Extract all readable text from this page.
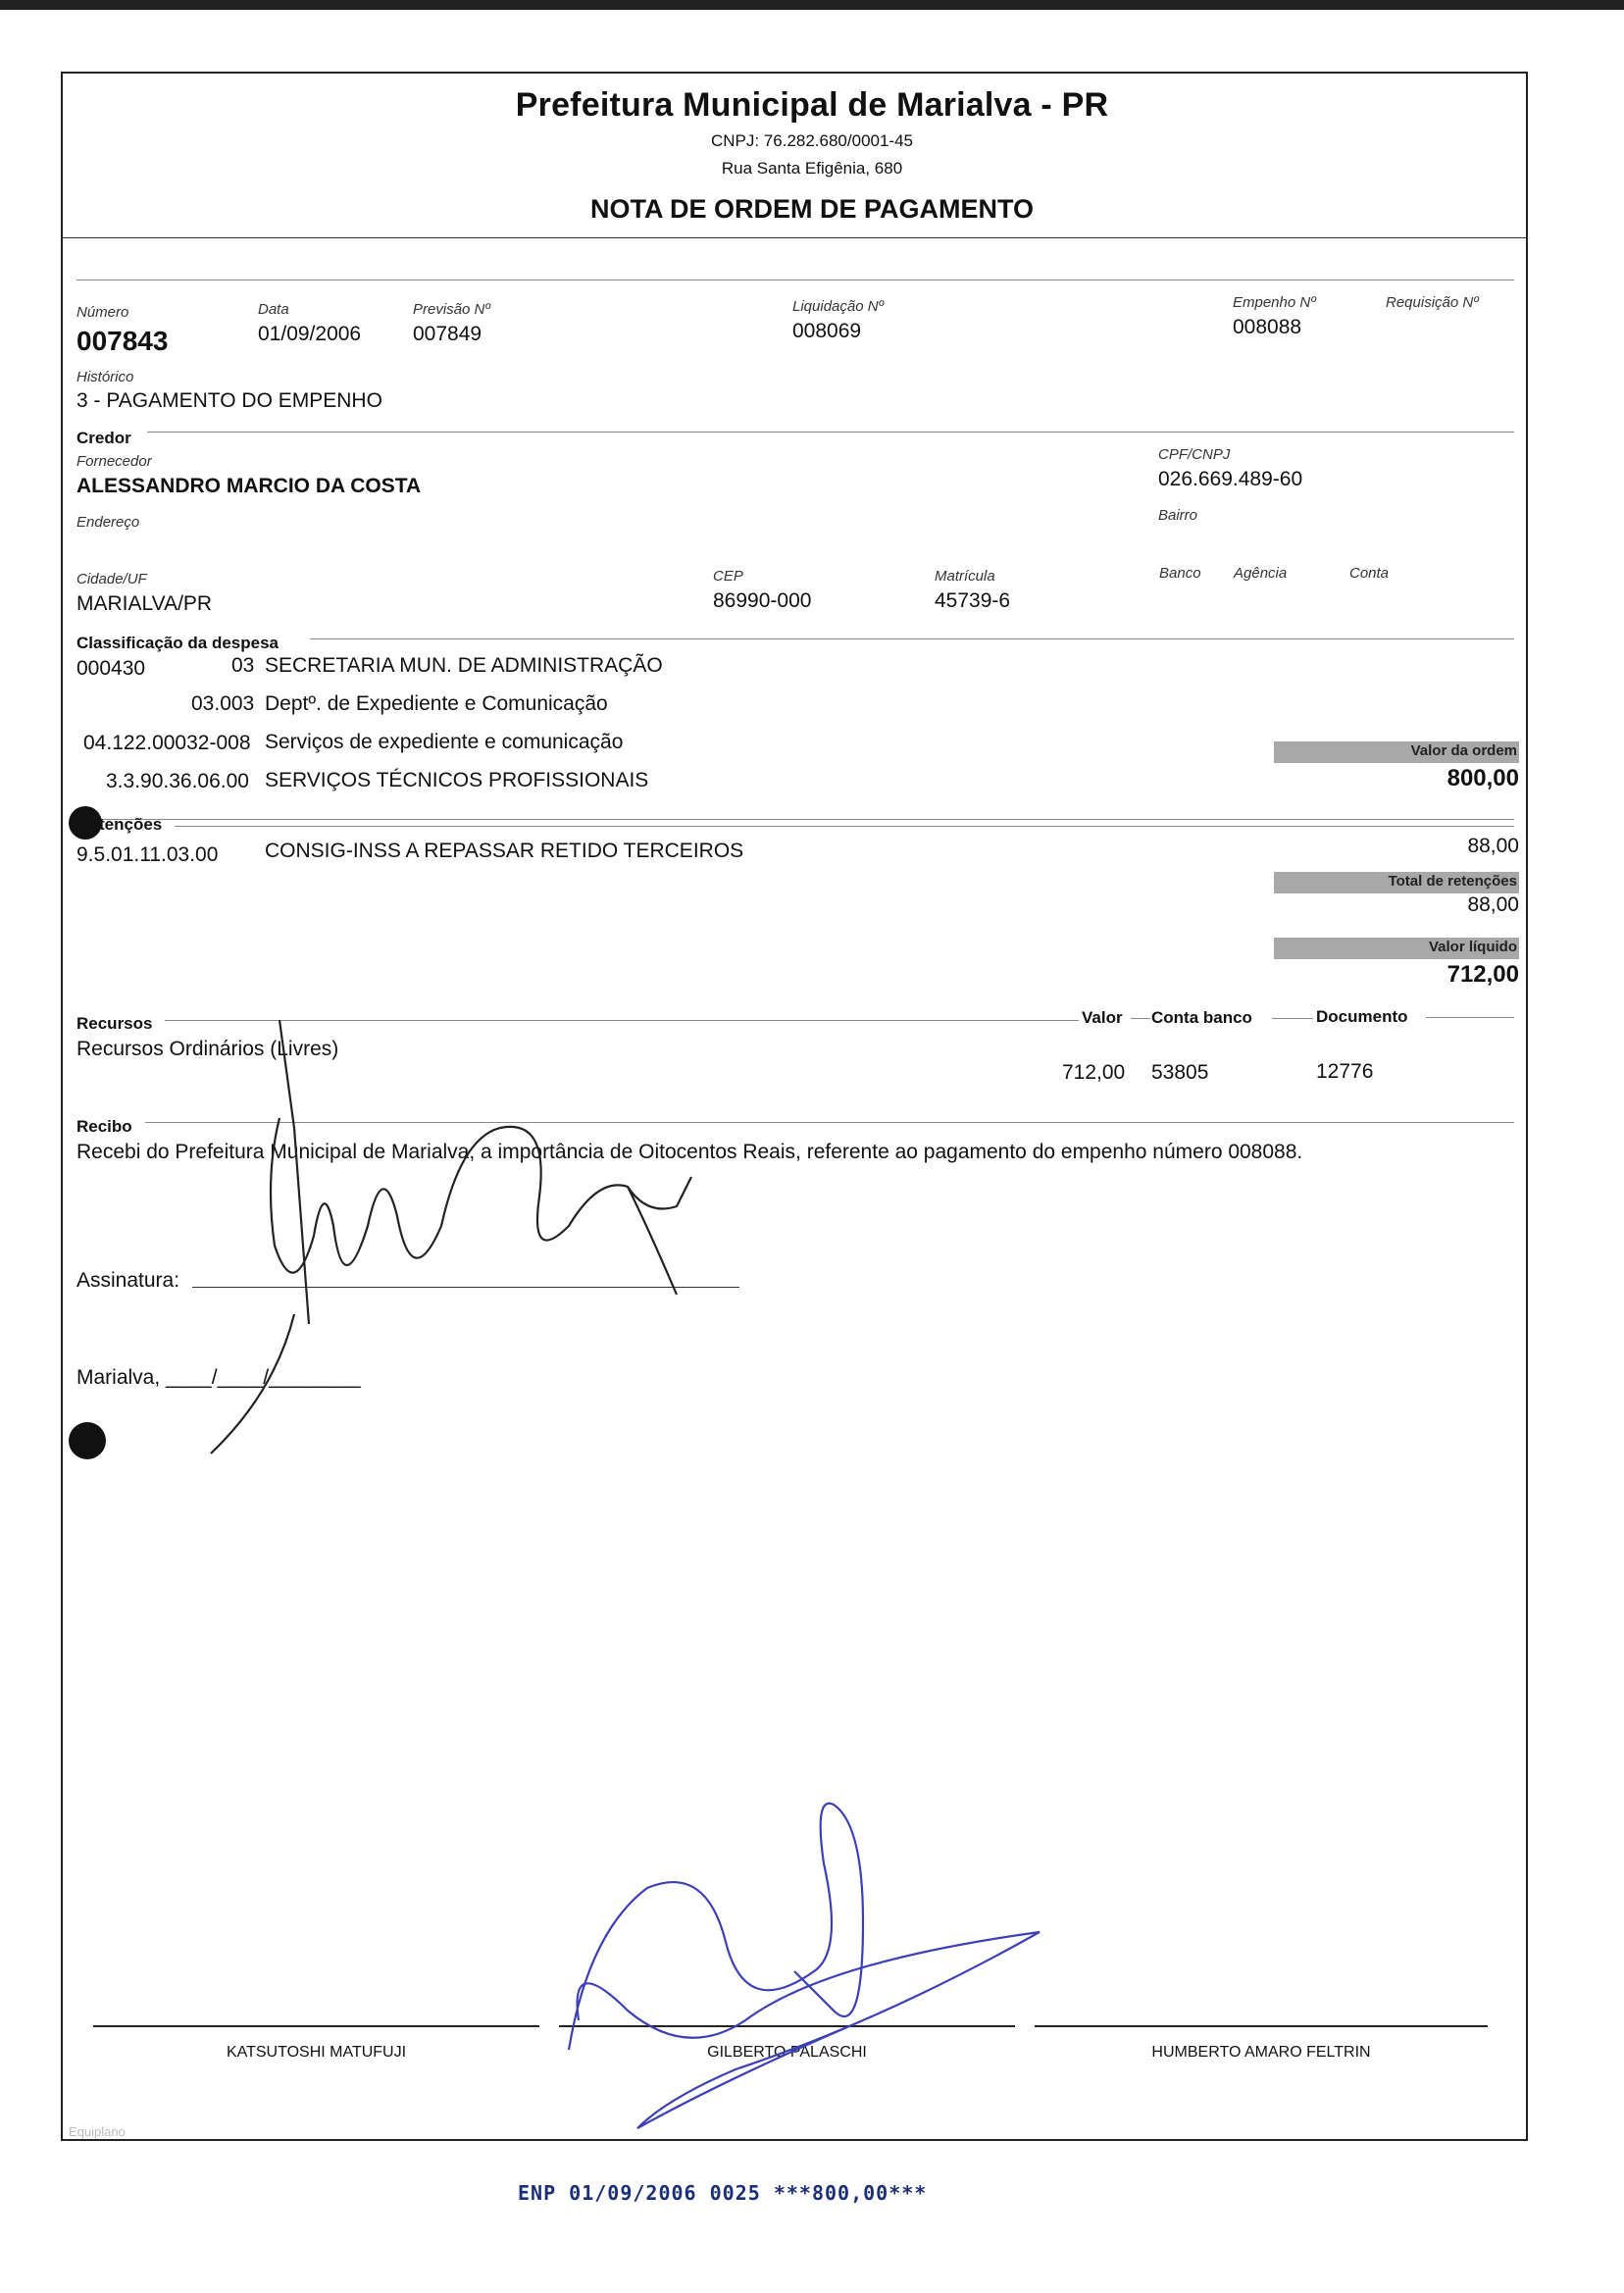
Prefeitura Municipal de Marialva - PR
CNPJ: 76.282.680/0001-45
Rua Santa Efigênia, 680
NOTA DE ORDEM DE PAGAMENTO
Número
007843
Data
01/09/2006
Previsão Nº
007849
Liquidação Nº
008069
Empenho Nº
008088
Requisição Nº
Histórico
3 - PAGAMENTO DO EMPENHO
Credor
Fornecedor
ALESSANDRO MARCIO DA COSTA
CPF/CNPJ
026.669.489-60
Endereço	Bairro
Cidade/UF
MARIALVA/PR
CEP
86990-000
Matrícula
45739-6
Banco Agência	Conta
Classificação da despesa
000430	03 SECRETARIA MUN. DE ADMINISTRAÇÃO
03.003 Deptº. de Expediente e Comunicação
04.122.00032-008 Serviços de expediente e comunicação
3.3.90.36.06.00 SERVIÇOS TÉCNICOS PROFISSIONAIS
Valor da ordem
800,00
tenções
9.5.01.11.03.00 CONSIG-INSS A REPASSAR RETIDO TERCEIROS	88,00
Total de retenções
88,00
Valor líquido
712,00
Recursos	Valor Conta banco	Documento
Recursos Ordinários (Livres)
712,00 53805	12776
Recibo
Recebi do Prefeitura Municipal de Marialva, a importância de Oitocentos Reais, referente ao pagamento do empenho número 008088.
Assinatura:
Marialva, ____/____/________
KATSUTOSHI MATUFUJI	GILBERTO PALASCHI	HUMBERTO AMARO FELTRIN
Equiplano
ENP 01/09/2006 0025 ***800,00***
